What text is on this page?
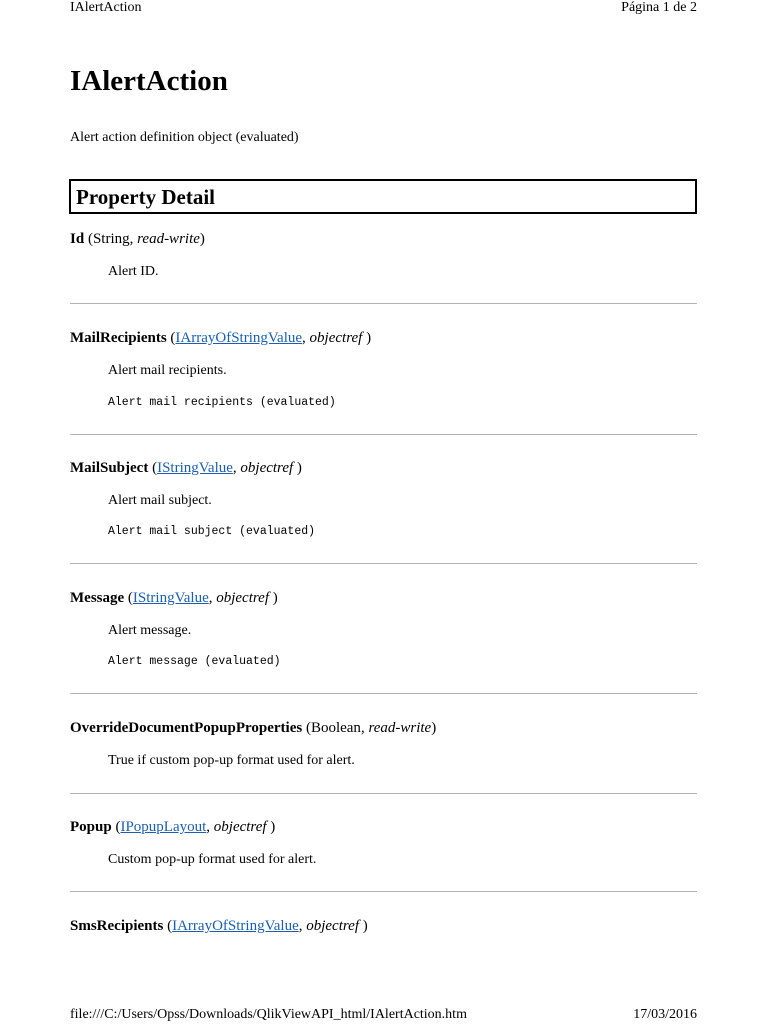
IAlertAction	Página 1 de 2
IAlertAction
Alert action definition object (evaluated)
Property Detail
Id (String, read-write)
Alert ID.
MailRecipients (IArrayOfStringValue, objectref )
Alert mail recipients.
Alert mail recipients (evaluated)
MailSubject (IStringValue, objectref )
Alert mail subject.
Alert mail subject (evaluated)
Message (IStringValue, objectref )
Alert message.
Alert message (evaluated)
OverrideDocumentPopupProperties (Boolean, read-write)
True if custom pop-up format used for alert.
Popup (IPopupLayout, objectref )
Custom pop-up format used for alert.
SmsRecipients (IArrayOfStringValue, objectref )
file:///C:/Users/Opss/Downloads/QlikViewAPI_html/IAlertAction.htm	17/03/2016
